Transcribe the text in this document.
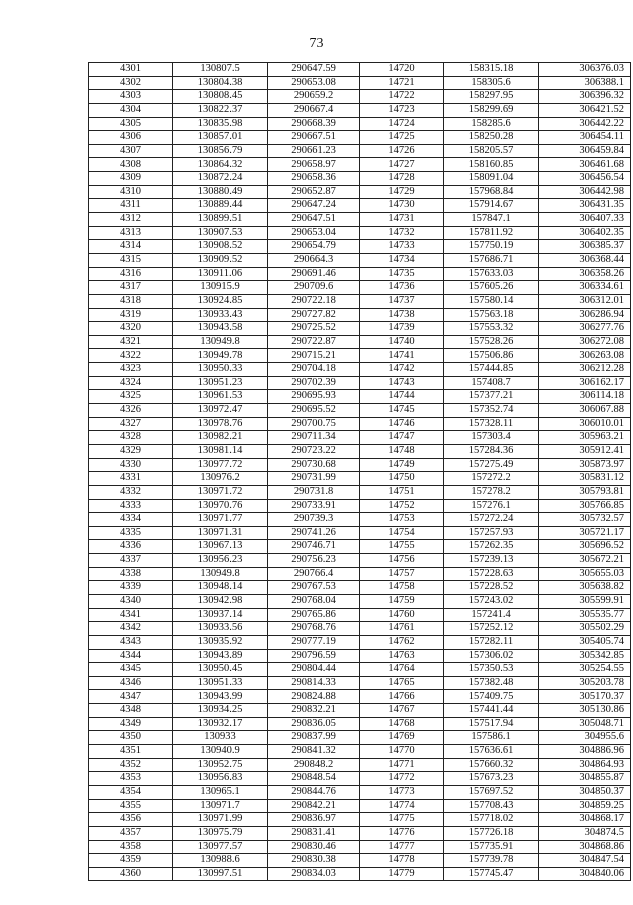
73
4301	130807.5	290647.59	14720	158315.18	306376.03
4302	130804.38	290653.08	14721	158305.6	306388.1
4303	130808.45	290659.2	14722	158297.95	306396.32
4304	130822.37	290667.4	14723	158299.69	306421.52
4305	130835.98	290668.39	14724	158285.6	306442.22
4306	130857.01	290667.51	14725	158250.28	306454.11
4307	130856.79	290661.23	14726	158205.57	306459.84
4308	130864.32	290658.97	14727	158160.85	306461.68
4309	130872.24	290658.36	14728	158091.04	306456.54
4310	130880.49	290652.87	14729	157968.84	306442.98
4311	130889.44	290647.24	14730	157914.67	306431.35
4312	130899.51	290647.51	14731	157847.1	306407.33
4313	130907.53	290653.04	14732	157811.92	306402.35
4314	130908.52	290654.79	14733	157750.19	306385.37
4315	130909.52	290664.3	14734	157686.71	306368.44
4316	130911.06	290691.46	14735	157633.03	306358.26
4317	130915.9	290709.6	14736	157605.26	306334.61
4318	130924.85	290722.18	14737	157580.14	306312.01
4319	130933.43	290727.82	14738	157563.18	306286.94
4320	130943.58	290725.52	14739	157553.32	306277.76
4321	130949.8	290722.87	14740	157528.26	306272.08
4322	130949.78	290715.21	14741	157506.86	306263.08
4323	130950.33	290704.18	14742	157444.85	306212.28
4324	130951.23	290702.39	14743	157408.7	306162.17
4325	130961.53	290695.93	14744	157377.21	306114.18
4326	130972.47	290695.52	14745	157352.74	306067.88
4327	130978.76	290700.75	14746	157328.11	306010.01
4328	130982.21	290711.34	14747	157303.4	305963.21
4329	130981.14	290723.22	14748	157284.36	305912.41
4330	130977.72	290730.68	14749	157275.49	305873.97
4331	130976.2	290731.99	14750	157272.2	305831.12
4332	130971.72	290731.8	14751	157278.2	305793.81
4333	130970.76	290733.91	14752	157276.1	305766.85
4334	130971.77	290739.3	14753	157272.24	305732.57
4335	130971.31	290741.26	14754	157257.93	305721.17
4336	130967.13	290746.71	14755	157262.35	305696.52
4337	130956.23	290756.23	14756	157239.13	305672.21
4338	130949.8	290766.4	14757	157228.63	305655.03
4339	130948.14	290767.53	14758	157228.52	305638.82
4340	130942.98	290768.04	14759	157243.02	305599.91
4341	130937.14	290765.86	14760	157241.4	305535.77
4342	130933.56	290768.76	14761	157252.12	305502.29
4343	130935.92	290777.19	14762	157282.11	305405.74
4344	130943.89	290796.59	14763	157306.02	305342.85
4345	130950.45	290804.44	14764	157350.53	305254.55
4346	130951.33	290814.33	14765	157382.48	305203.78
4347	130943.99	290824.88	14766	157409.75	305170.37
4348	130934.25	290832.21	14767	157441.44	305130.86
4349	130932.17	290836.05	14768	157517.94	305048.71
4350	130933	290837.99	14769	157586.1	304955.6
4351	130940.9	290841.32	14770	157636.61	304886.96
4352	130952.75	290848.2	14771	157660.32	304864.93
4353	130956.83	290848.54	14772	157673.23	304855.87
4354	130965.1	290844.76	14773	157697.52	304850.37
4355	130971.7	290842.21	14774	157708.43	304859.25
4356	130971.99	290836.97	14775	157718.02	304868.17
4357	130975.79	290831.41	14776	157726.18	304874.5
4358	130977.57	290830.46	14777	157735.91	304868.86
4359	130988.6	290830.38	14778	157739.78	304847.54
4360	130997.51	290834.03	14779	157745.47	304840.06
